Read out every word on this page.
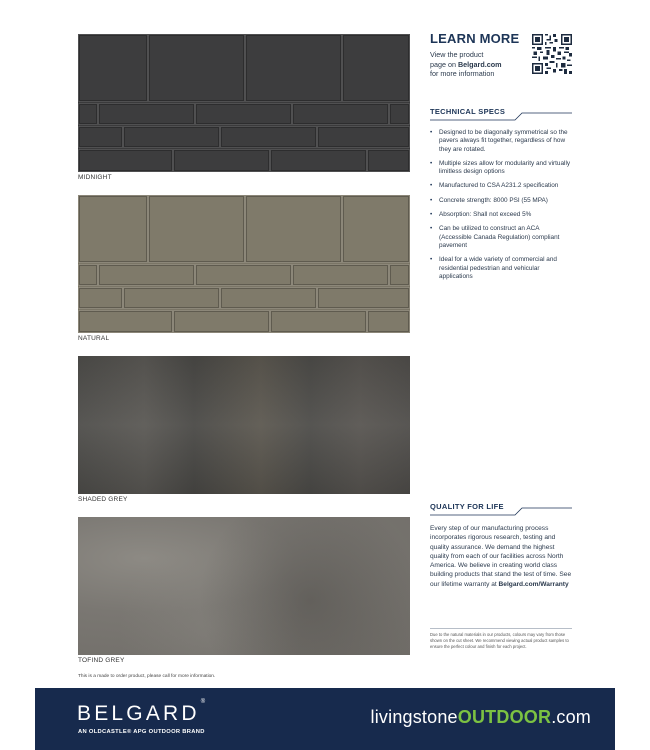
MIDNIGHT
NATURAL
SHADED GREY
TOFIND GREY
LEARN MORE
View the product
page on Belgard.com
for more information
TECHNICAL SPECS
• Designed to be diagonally symmetrical so the pavers always fit together, regardless of how they are rotated.
• Multiple sizes allow for modularity and virtually limitless design options
• Manufactured to CSA A231.2 specification
• Concrete strength: 8000 PSI (55 MPA)
• Absorption: Shall not exceed 5%
• Can be utilized to construct an ACA (Accessible Canada Regulation) compliant pavement
• Ideal for a wide variety of commercial and residential pedestrian and vehicular applications
QUALITY FOR LIFE
Every step of our manufacturing process incorporates rigorous research, testing and quality assurance. We demand the highest quality from each of our facilities across North America. We believe in creating world class building products that stand the test of time. See our lifetime warranty at Belgard.com/Warranty
Due to the natural materials in our products, colours may vary from those shown on the cut sheet. We recommend viewing actual product samples to ensure the perfect colour and finish for each project.
This is a made to order product, please call for more information.
BELGARD®
AN OLDCASTLE® APG OUTDOOR BRAND
livingstoneOUTDOOR.com
